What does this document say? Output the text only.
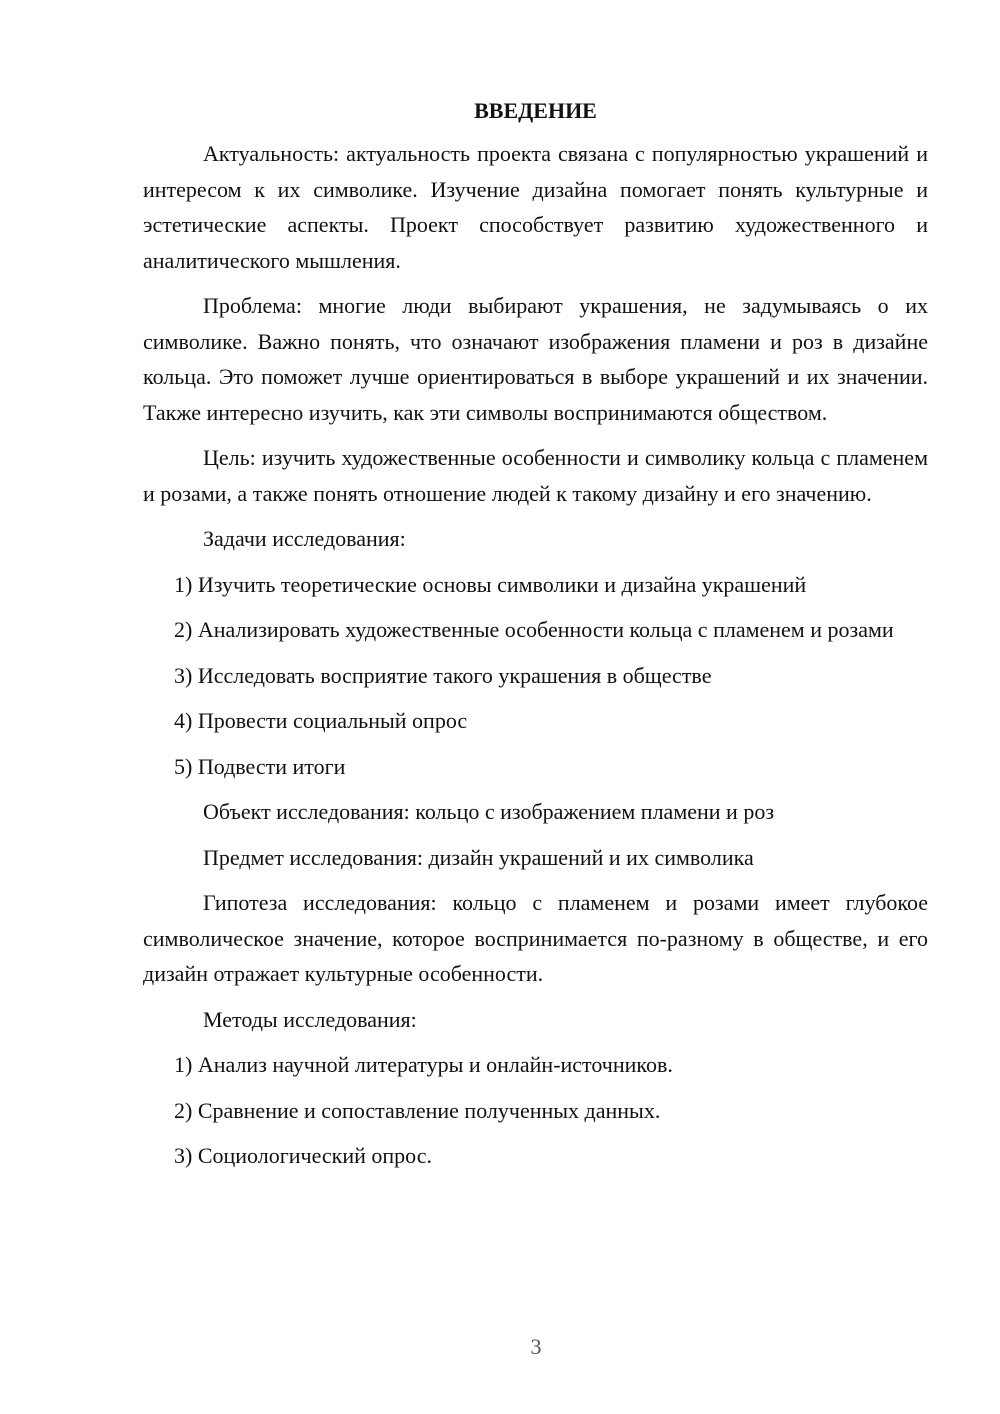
ВВЕДЕНИЕ

Актуальность: актуальность проекта связана с популярностью украшений и интересом к их символике. Изучение дизайна помогает понять культурные и эстетические аспекты. Проект способствует развитию художественного и аналитического мышления.

Проблема: многие люди выбирают украшения, не задумываясь о их символике. Важно понять, что означают изображения пламени и роз в дизайне кольца. Это поможет лучше ориентироваться в выборе украшений и их значении. Также интересно изучить, как эти символы воспринимаются обществом.

Цель: изучить художественные особенности и символику кольца с пламенем и розами, а также понять отношение людей к такому дизайну и его значению.

Задачи исследования:

1) Изучить теоретические основы символики и дизайна украшений

2) Анализировать художественные особенности кольца с пламенем и розами

3) Исследовать восприятие такого украшения в обществе

4) Провести социальный опрос

5) Подвести итоги

Объект исследования: кольцо с изображением пламени и роз

Предмет исследования: дизайн украшений и их символика

Гипотеза исследования: кольцо с пламенем и розами имеет глубокое символическое значение, которое воспринимается по-разному в обществе, и его дизайн отражает культурные особенности.

Методы исследования:

1) Анализ научной литературы и онлайн-источников.

2) Сравнение и сопоставление полученных данных.

3) Социологический опрос.

3
